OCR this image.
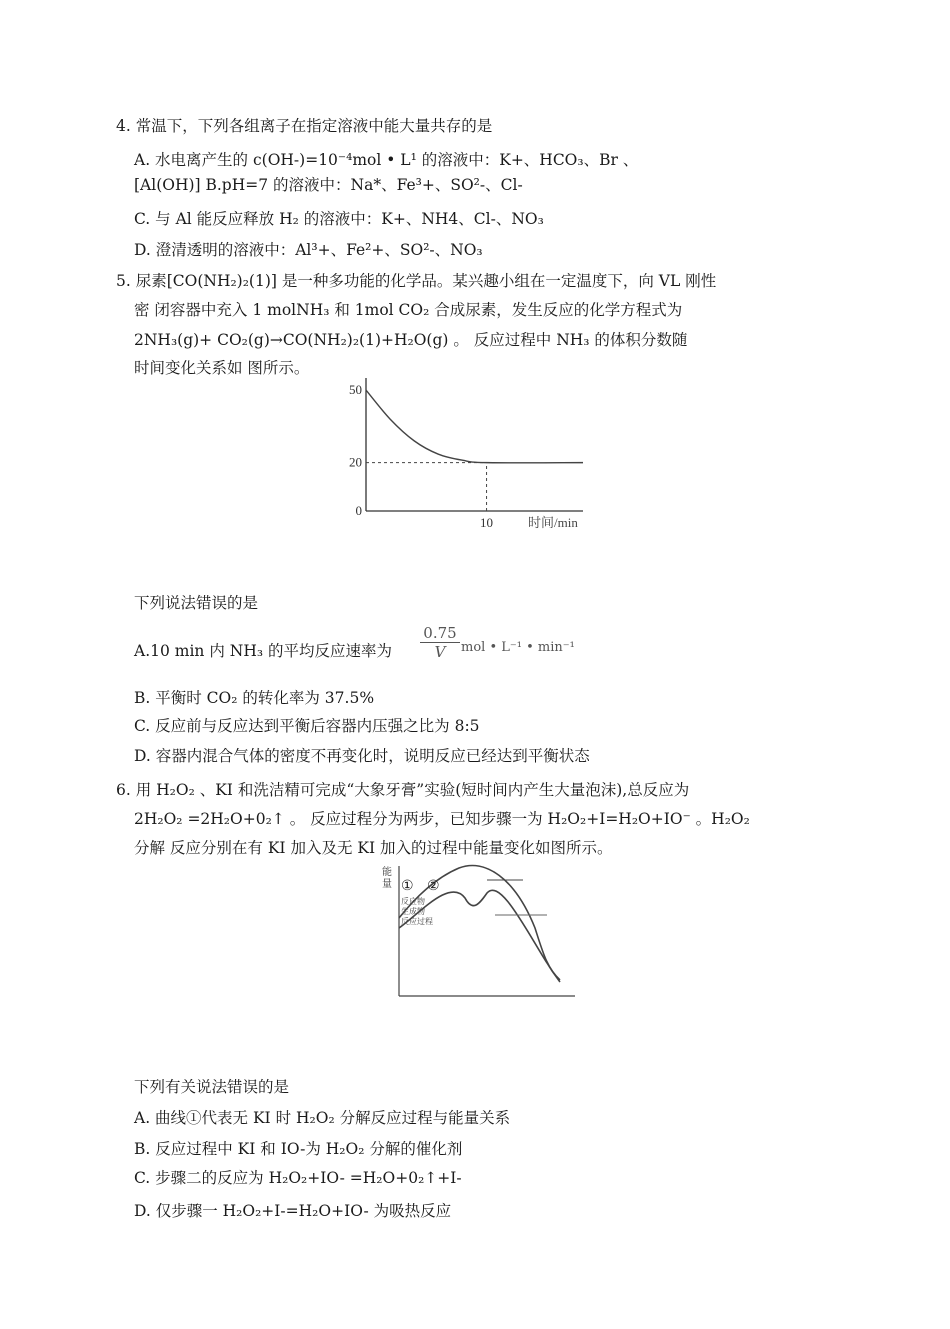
4. 常温下，下列各组离子在指定溶液中能大量共存的是
A. 水电离产生的 c(OH-)=10⁻⁴mol • L¹ 的溶液中：K+、HCO₃、Br 、
[Al(OH)] B.pH=7 的溶液中：Na*、Fe³+、SO²-、Cl-
C. 与 Al 能反应释放 H₂ 的溶液中：K+、NH4、Cl-、NO₃
D. 澄清透明的溶液中：Al³+、Fe²+、SO²-、NO₃
5. 尿素[CO(NH₂)₂(1)] 是一种多功能的化学品。某兴趣小组在一定温度下，向 VL 刚性
密 闭容器中充入 1 molNH₃ 和 1mol CO₂ 合成尿素，发生反应的化学方程式为
2NH₃(g)+ CO₂(g)→CO(NH₂)₂(1)+H₂O(g) 。 反应过程中 NH₃ 的体积分数随
时间变化关系如 图所示。
0
20
50
10	时间/min
下列说法错误的是
A.10 min 内 NH₃ 的平均反应速率为 $\frac{0.75}{V}$ mol • L⁻¹ • min⁻¹
B. 平衡时 CO₂ 的转化率为 37.5%
C. 反应前与反应达到平衡后容器内压强之比为 8:5
D. 容器内混合气体的密度不再变化时，说明反应已经达到平衡状态
6. 用 H₂O₂ 、KI 和洗洁精可完成“大象牙膏”实验(短时间内产生大量泡沫),总反应为
2H₂O₂ =2H₂O+0₂↑ 。 反应过程分为两步，已知步骤一为 H₂O₂+I=H₂O+IO⁻ 。H₂O₂
分解 反应分别在有 KI 加入及无 KI 加入的过程中能量变化如图所示。
能
量 ① ②
反应物
生成物
反应过程
下列有关说法错误的是
A. 曲线①代表无 KI 时 H₂O₂ 分解反应过程与能量关系
B. 反应过程中 KI 和 IO-为 H₂O₂ 分解的催化剂
C. 步骤二的反应为 H₂O₂+IO- =H₂O+0₂↑+I-
D. 仅步骤一 H₂O₂+I-=H₂O+IO- 为吸热反应
